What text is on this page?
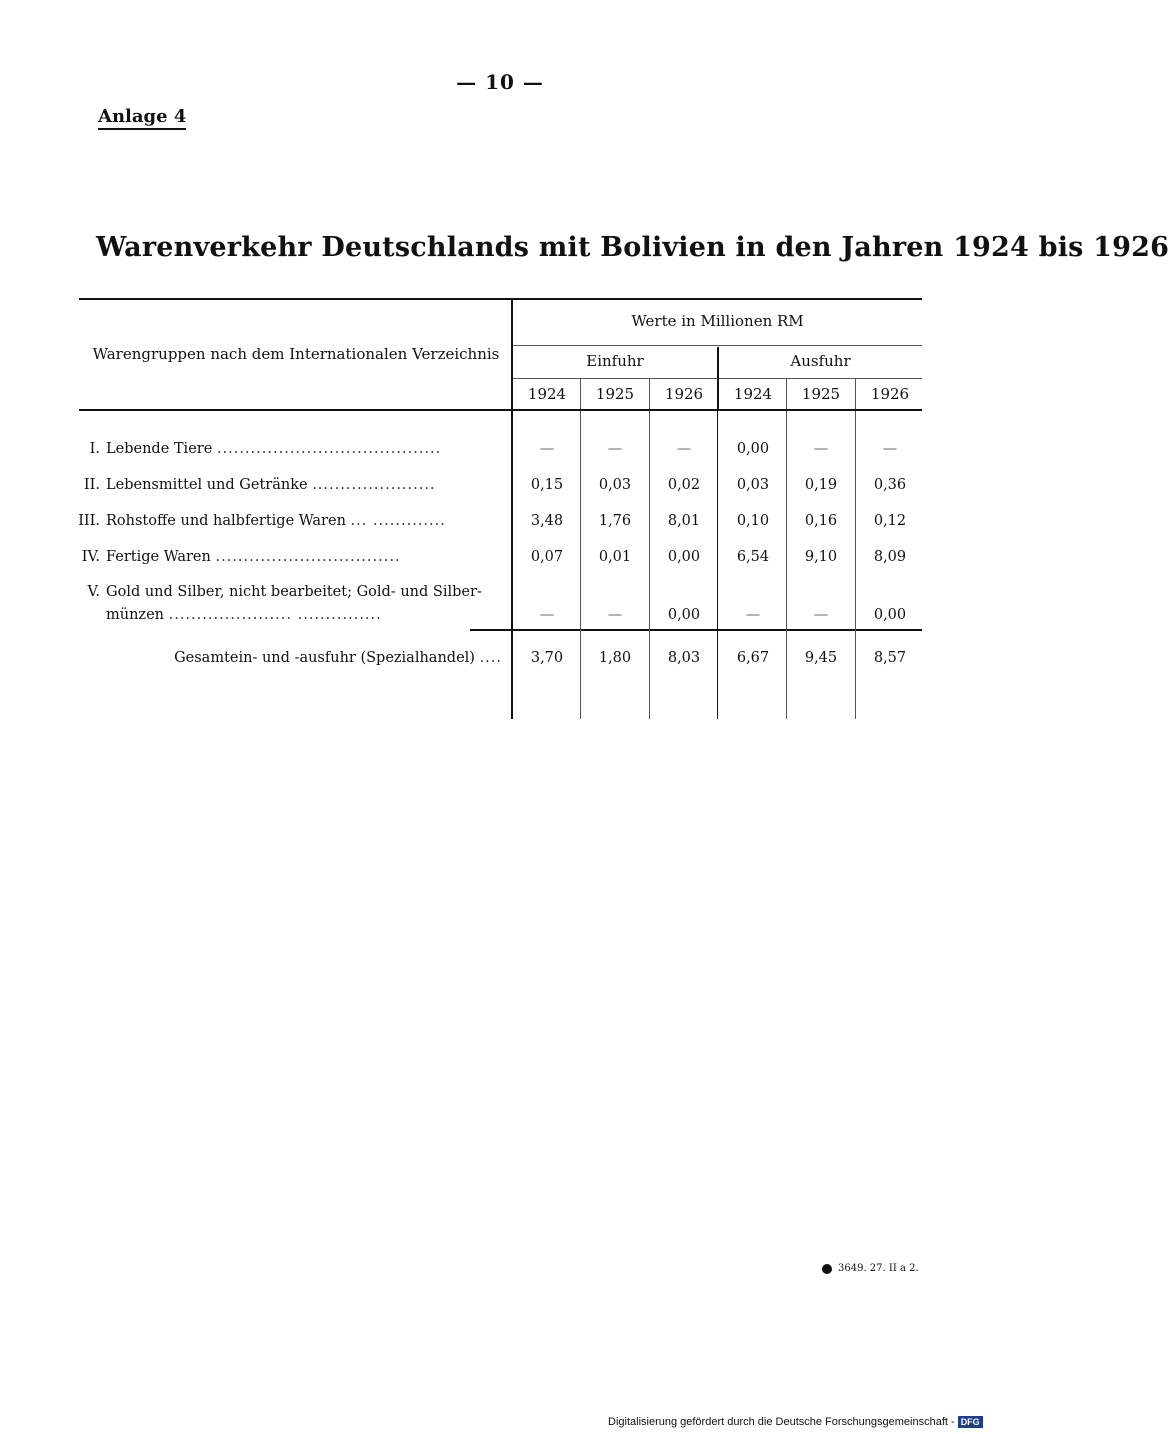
— 10 —
Anlage 4
Warenverkehr Deutschlands mit Bolivien in den Jahren 1924 bis 1926
Warengruppen nach dem Internationalen Verzeichnis
Werte in Millionen RM
Einfuhr	Ausfuhr
1924	1925	1926	1924	1925	1926
I. Lebende Tiere ........................................	—	—	—	0,00	—	—
II. Lebensmittel und Getränke ......................	0,15	0,03	0,02	0,03	0,19	0,36
III. Rohstoffe und halbfertige Waren ... .............	3,48	1,76	8,01	0,10	0,16	0,12
IV. Fertige Waren .................................	0,07	0,01	0,00	6,54	9,10	8,09
V. Gold und Silber, nicht bearbeitet; Gold- und Silber-
münzen ...................... ...............	—	—	0,00	—	—	0,00
Gesamtein- und -ausfuhr (Spezialhandel) ....	3,70	1,80	8,03	6,67	9,45	8,57
3649. 27. II a 2.
Digitalisierung gefördert durch die Deutsche Forschungsgemeinschaft - DFG
